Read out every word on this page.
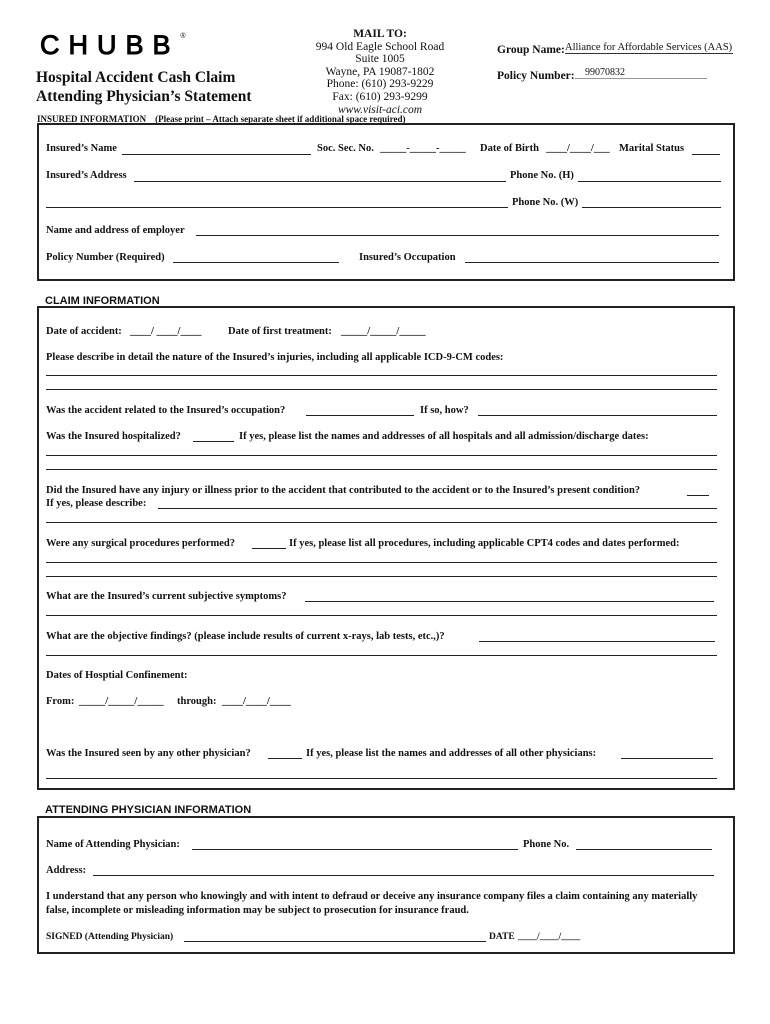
CHUBB ®
Hospital Accident Cash Claim
Attending Physician’s Statement
MAIL TO:
994 Old Eagle School Road
Suite 1005
Wayne, PA 19087-1802
Phone: (610) 293-9229
Fax: (610) 293-9299
www.visit-aci.com
Group Name: Alliance for Affordable Services (AAS)
Policy Number:	99070832
INSURED INFORMATION (Please print – Attach separate sheet if additional space required)
Insured’s Name	Soc. Sec. No. _____-_____-_____ Date of Birth ____/____/___ Marital Status
Insured’s Address	Phone No. (H)
Phone No. (W)
Name and address of employer
Policy Number (Required)	Insured’s Occupation
CLAIM INFORMATION
Date of accident: ____/ ____/____	Date of first treatment: _____/_____/_____
Please describe in detail the nature of the Insured’s injuries, including all applicable ICD-9-CM codes:
Was the accident related to the Insured’s occupation?	If so, how?
Was the Insured hospitalized?	If yes, please list the names and addresses of all hospitals and all admission/discharge dates:
Did the Insured have any injury or illness prior to the accident that contributed to the accident or to the Insured’s present condition?
If yes, please describe:
Were any surgical procedures performed?	If yes, please list all procedures, including applicable CPT4 codes and dates performed:
What are the Insured’s current subjective symptoms?
What are the objective findings? (please include results of current x-rays, lab tests, etc.,)?
Dates of Hosptial Confinement:
From: _____/_____/_____ through: ____/____/____
Was the Insured seen by any other physician?	If yes, please list the names and addresses of all other physicians:
ATTENDING PHYSICIAN INFORMATION
Name of Attending Physician:	Phone No.
Address:
I understand that any person who knowingly and with intent to defraud or deceive any insurance company files a claim containing any materially false, incomplete or misleading information may be subject to prosecution for insurance fraud.
SIGNED (Attending Physician)	DATE ____/____/____
